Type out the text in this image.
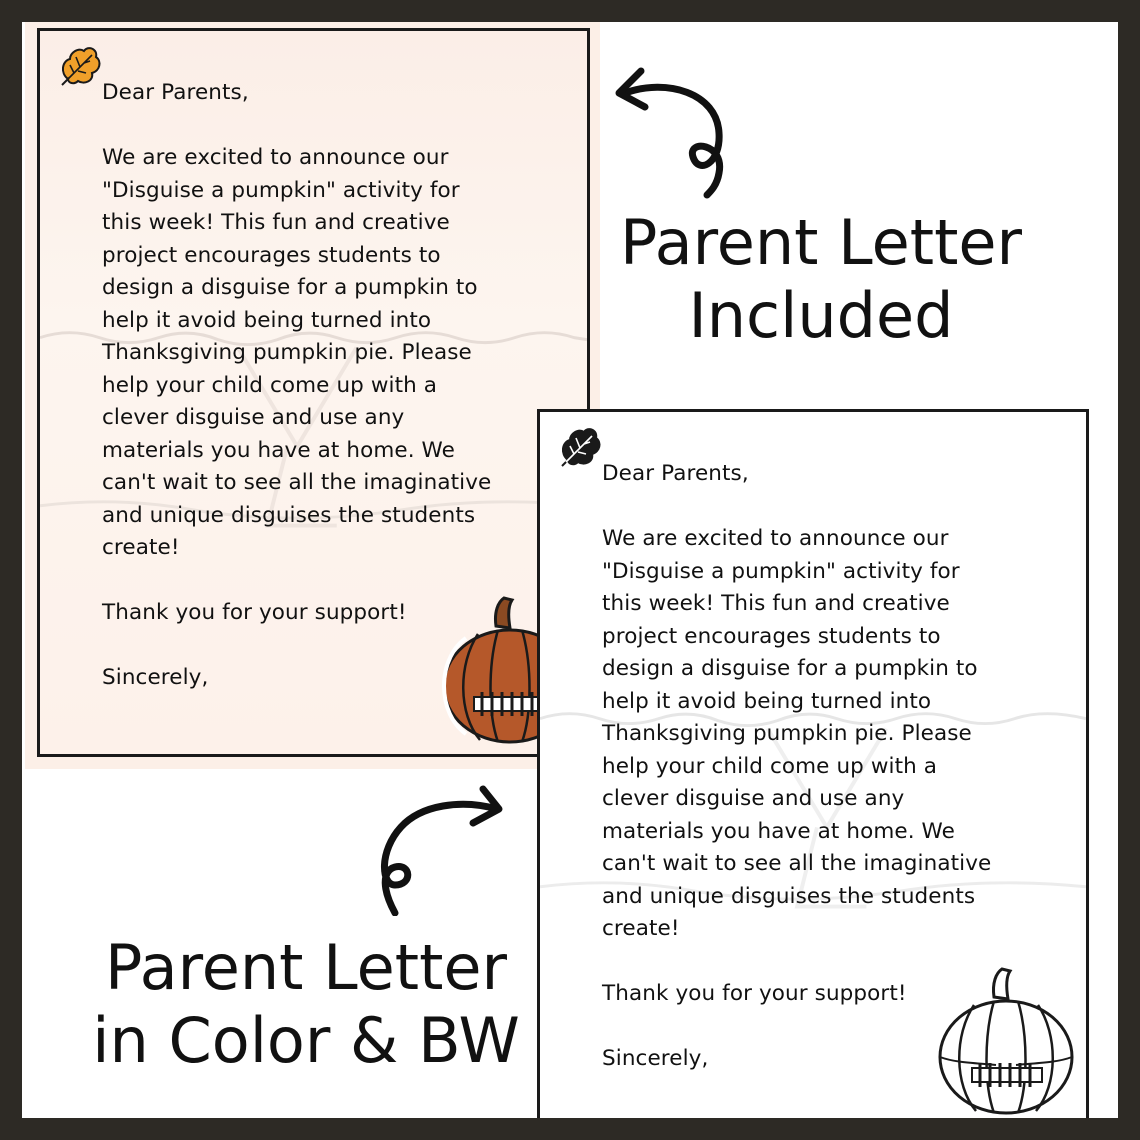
Dear Parents,

We are excited to announce our
"Disguise a pumpkin" activity for
this week! This fun and creative
project encourages students to
design a disguise for a pumpkin to
help it avoid being turned into
Thanksgiving pumpkin pie. Please
help your child come up with a
clever disguise and use any
materials you have at home. We
can't wait to see all the imaginative
and unique disguises the students
create!

Thank you for your support!

Sincerely,

Dear Parents,

We are excited to announce our
"Disguise a pumpkin" activity for
this week! This fun and creative
project encourages students to
design a disguise for a pumpkin to
help it avoid being turned into
Thanksgiving pumpkin pie. Please
help your child come up with a
clever disguise and use any
materials you have at home. We
can't wait to see all the imaginative
and unique disguises the students
create!

Thank you for your support!

Sincerely,

Parent Letter
Included
Parent Letter
in Color & BW
